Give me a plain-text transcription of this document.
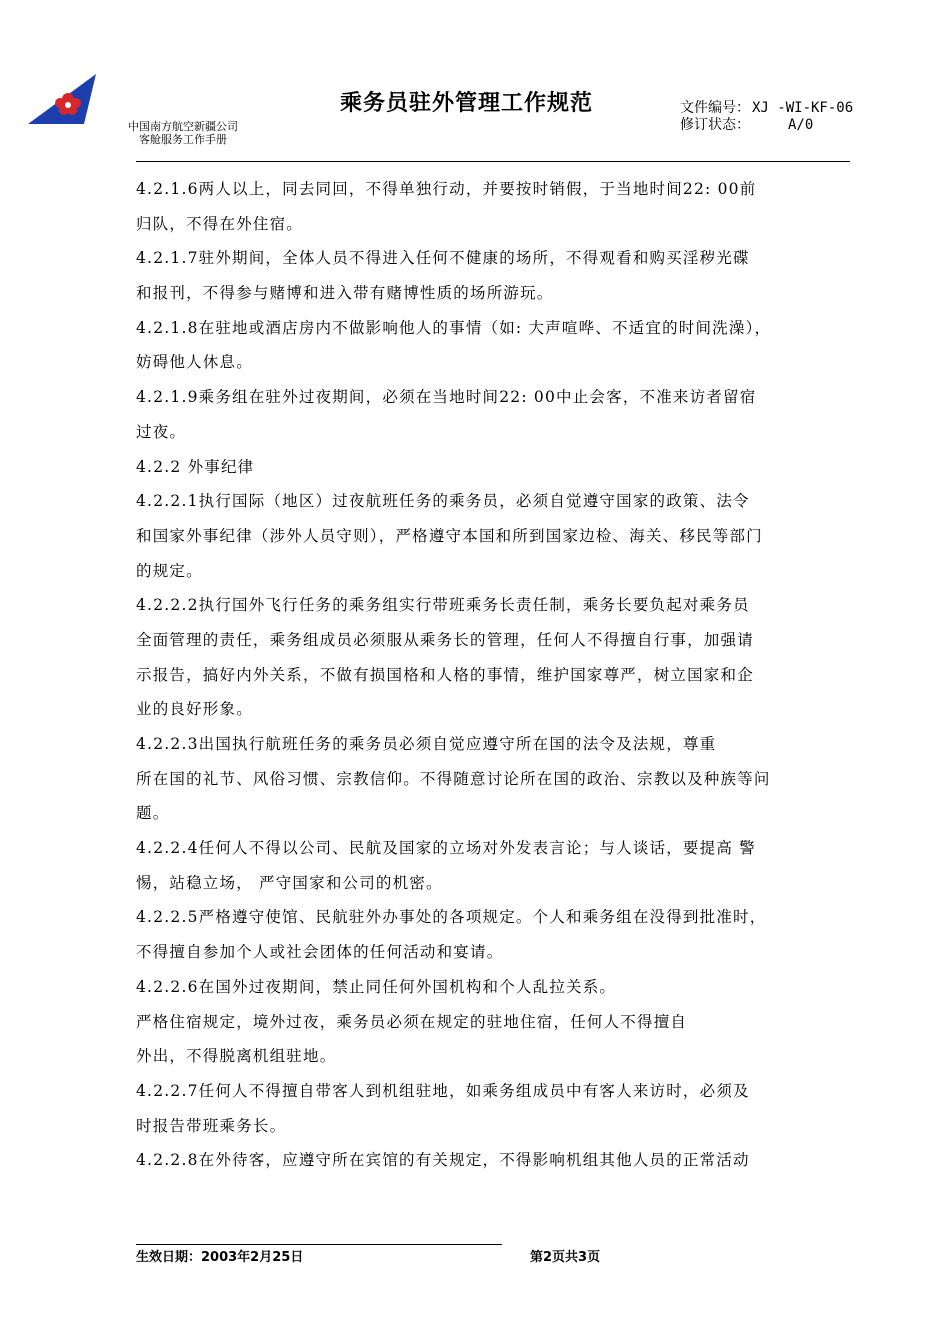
中国南方航空新疆公司
客舱服务工作手册
乘务员驻外管理工作规范	文件编号： XJ -WI-KF-06
修订状态：	A/0
4.2.1.6两人以上，同去同回，不得单独行动，并要按时销假，于当地时间22: 00前
归队，不得在外住宿。
4.2.1.7驻外期间，全体人员不得进入任何不健康的场所，不得观看和购买淫秽光碟
和报刊，不得参与赌博和进入带有赌博性质的场所游玩。
4.2.1.8在驻地或酒店房内不做影响他人的事情（如: 大声喧哗、不适宜的时间洗澡），
妨碍他人休息。
4.2.1.9乘务组在驻外过夜期间，必须在当地时间22: 00中止会客，不准来访者留宿
过夜。
4.2.2 外事纪律
4.2.2.1执行国际（地区）过夜航班任务的乘务员，必须自觉遵守国家的政策、法令
和国家外事纪律（涉外人员守则），严格遵守本国和所到国家边检、海关、移民等部门
的规定。
4.2.2.2执行国外飞行任务的乘务组实行带班乘务长责任制，乘务长要负起对乘务员
全面管理的责任，乘务组成员必须服从乘务长的管理，任何人不得擅自行事，加强请
示报告，搞好内外关系，不做有损国格和人格的事情，维护国家尊严，树立国家和企
业的良好形象。
4.2.2.3出国执行航班任务的乘务员必须自觉应遵守所在国的法令及法规，尊重
所在国的礼节、风俗习惯、宗教信仰。不得随意讨论所在国的政治、宗教以及种族等问
题。
4.2.2.4任何人不得以公司、民航及国家的立场对外发表言论；与人谈话，要提高 警
惕，站稳立场， 严守国家和公司的机密。
4.2.2.5严格遵守使馆、民航驻外办事处的各项规定。个人和乘务组在没得到批准时，
不得擅自参加个人或社会团体的任何活动和宴请。
4.2.2.6在国外过夜期间，禁止同任何外国机构和个人乱拉关系。
严格住宿规定，境外过夜，乘务员必须在规定的驻地住宿，任何人不得擅自
外出，不得脱离机组驻地。
4.2.2.7任何人不得擅自带客人到机组驻地，如乘务组成员中有客人来访时，必须及
时报告带班乘务长。
4.2.2.8在外待客，应遵守所在宾馆的有关规定，不得影响机组其他人员的正常活动
生效日期：2003年2月25日	第2页共3页
